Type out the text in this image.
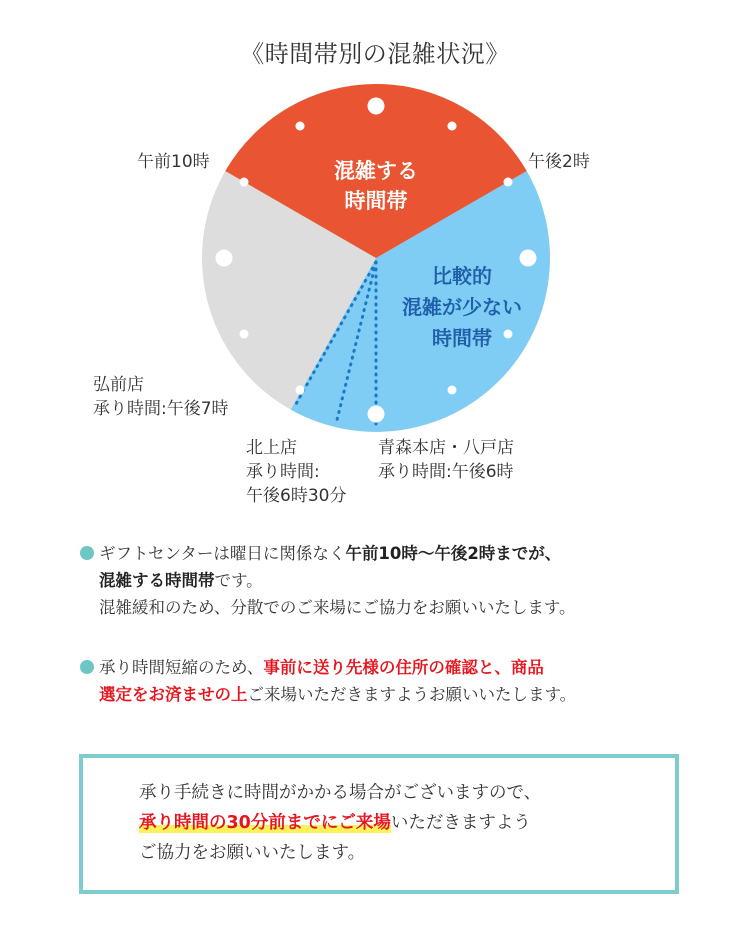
《時間帯別の混雑状況》
混雑する
時間帯
比較的
混雑が少ない
時間帯
午前10時	午後2時
弘前店
承り時間:午後7時
北上店
承り時間:
午後6時30分
青森本店・八戸店
承り時間:午後6時
ギフトセンターは曜日に関係なく午前10時〜午後2時までが、
混雑する時間帯です。
混雑緩和のため、分散でのご来場にご協力をお願いいたします。
承り時間短縮のため、事前に送り先様の住所の確認と、商品
選定をお済ませの上ご来場いただきますようお願いいたします。
承り手続きに時間がかかる場合がございますので、
承り時間の30分前までにご来場いただきますよう
ご協力をお願いいたします。
